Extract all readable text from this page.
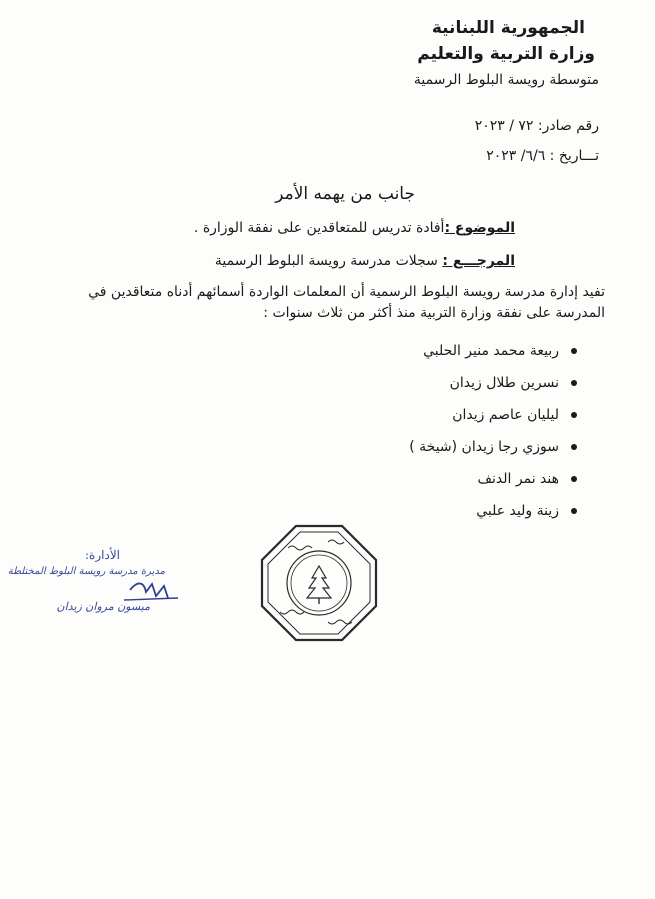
الجمهورية اللبنانية
وزارة التربية والتعليم
متوسطة رويسة البلوط الرسمية
رقم صادر: ٧٢ / ٢٠٢٣
تـــاريخ : ٦/٦/ ٢٠٢٣
جانب من يهمه الأمر
الموضوع :أفادة تدريس للمتعاقدين على نفقة الوزارة .
المرجـــع : سجلات مدرسة رويسة البلوط الرسمية
تفيد إدارة مدرسة رويسة البلوط الرسمية أن المعلمات الواردة أسمائهم أدناه متعاقدين في
المدرسة على نفقة وزارة التربية منذ أكثر من ثلاث سنوات :
ربيعة محمد منير الحلبي
نسرين طلال زيدان
ليليان عاصم زيدان
سوزي رجا زيدان (شيخة )
هند نمر الدنف
زينة وليد علبي
الأدارة:
مديرة مدرسة رويسة البلوط المختلطة
ميسون مروان زيدان
